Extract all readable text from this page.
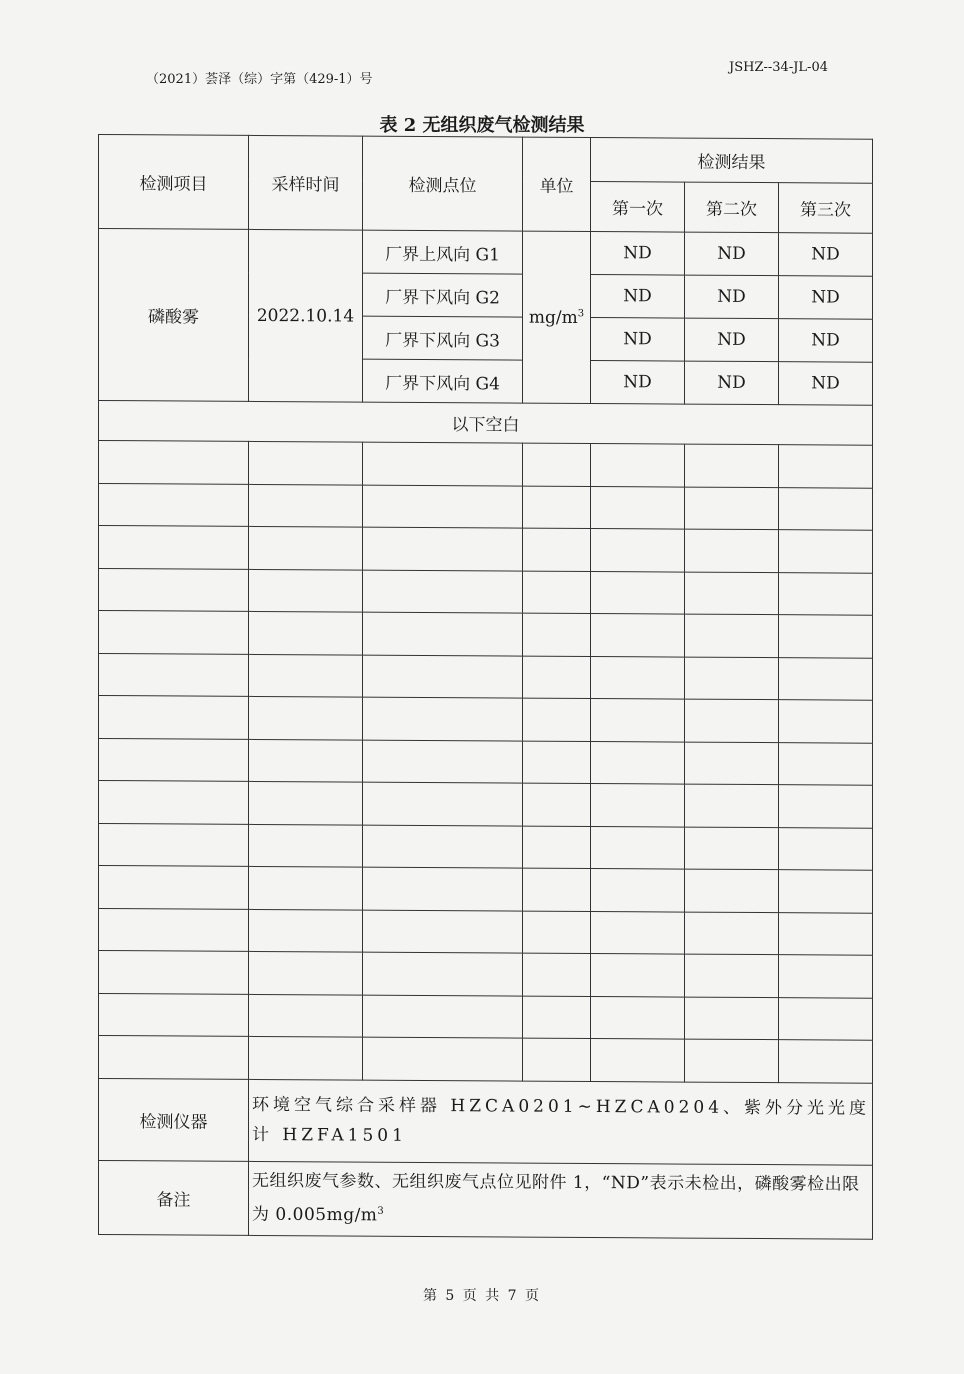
（2021）荟泽（综）字第（429-1）号
JSHZ--34-JL-04
表 2 无组织废气检测结果
检测项目	采样时间	检测点位	单位	检测结果		
				第一次	第二次	第三次
磷酸雾	2022.10.14	厂界上风向 G1	$mg/m^3$	ND	ND	ND
		厂界下风向 G2		ND	ND	ND
		厂界下风向 G3		ND	ND	ND
		厂界下风向 G4		ND	ND	ND
以下空白						

检测仪器	环境空气综合采样器 HZCA0201~HZCA0204、紫外分光光度计 HZFA1501					
备注	无组织废气参数、无组织废气点位见附件 1，“ND”表示未检出，磷酸雾检出限为 $0.005mg/m^3$
第 5 页 共 7 页
